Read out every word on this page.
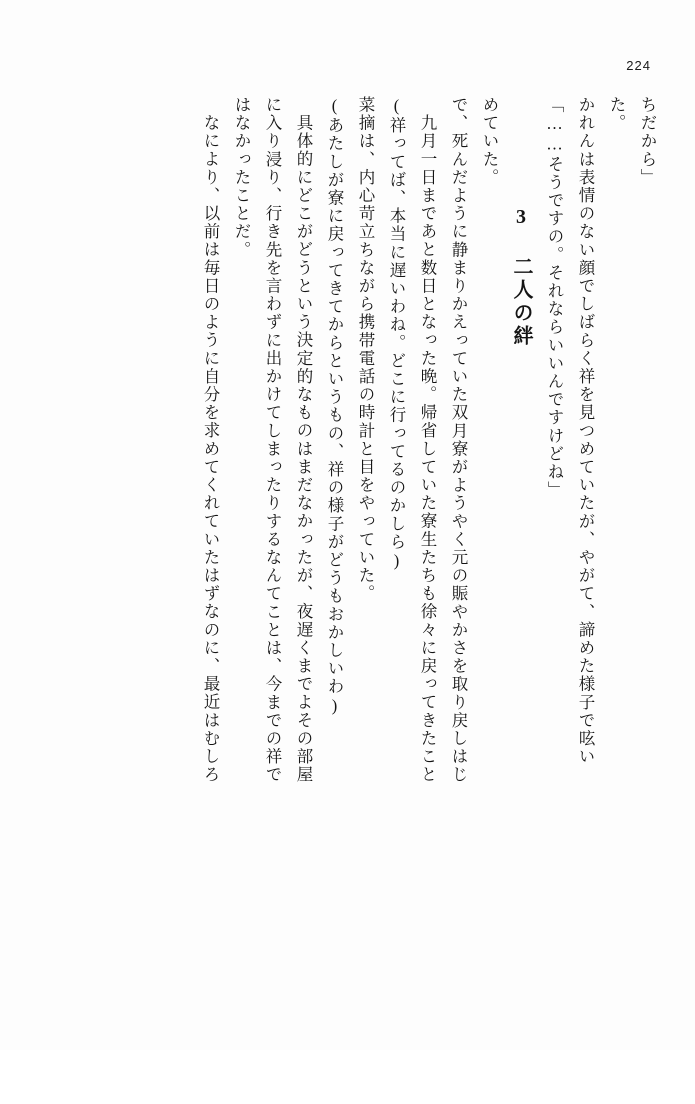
224
ちだから」
た。
かれんは表情のない顔でしばらく祥を見つめていたが、やがて、諦めた様子で呟い
「……そうですの。それならいいんですけどね」
3 二人の絆
めていた。
で、死んだように静まりかえっていた双月寮がようやく元の賑やかさを取り戻しはじ
九月一日まであと数日となった晩。帰省していた寮生たちも徐々に戻ってきたこと
(祥ってば、本当に遅いわね。どこに行ってるのかしら)
菜摘は、内心苛立ちながら携帯電話の時計と目をやっていた。
(あたしが寮に戻ってきてからというもの、祥の様子がどうもおかしいわ)
具体的にどこがどうという決定的なものはまだなかったが、夜遅くまでよその部屋
に入り浸り、行き先を言わずに出かけてしまったりするなんてことは、今までの祥で
はなかったことだ。
なにより、以前は毎日のように自分を求めてくれていたはずなのに、最近はむしろ
